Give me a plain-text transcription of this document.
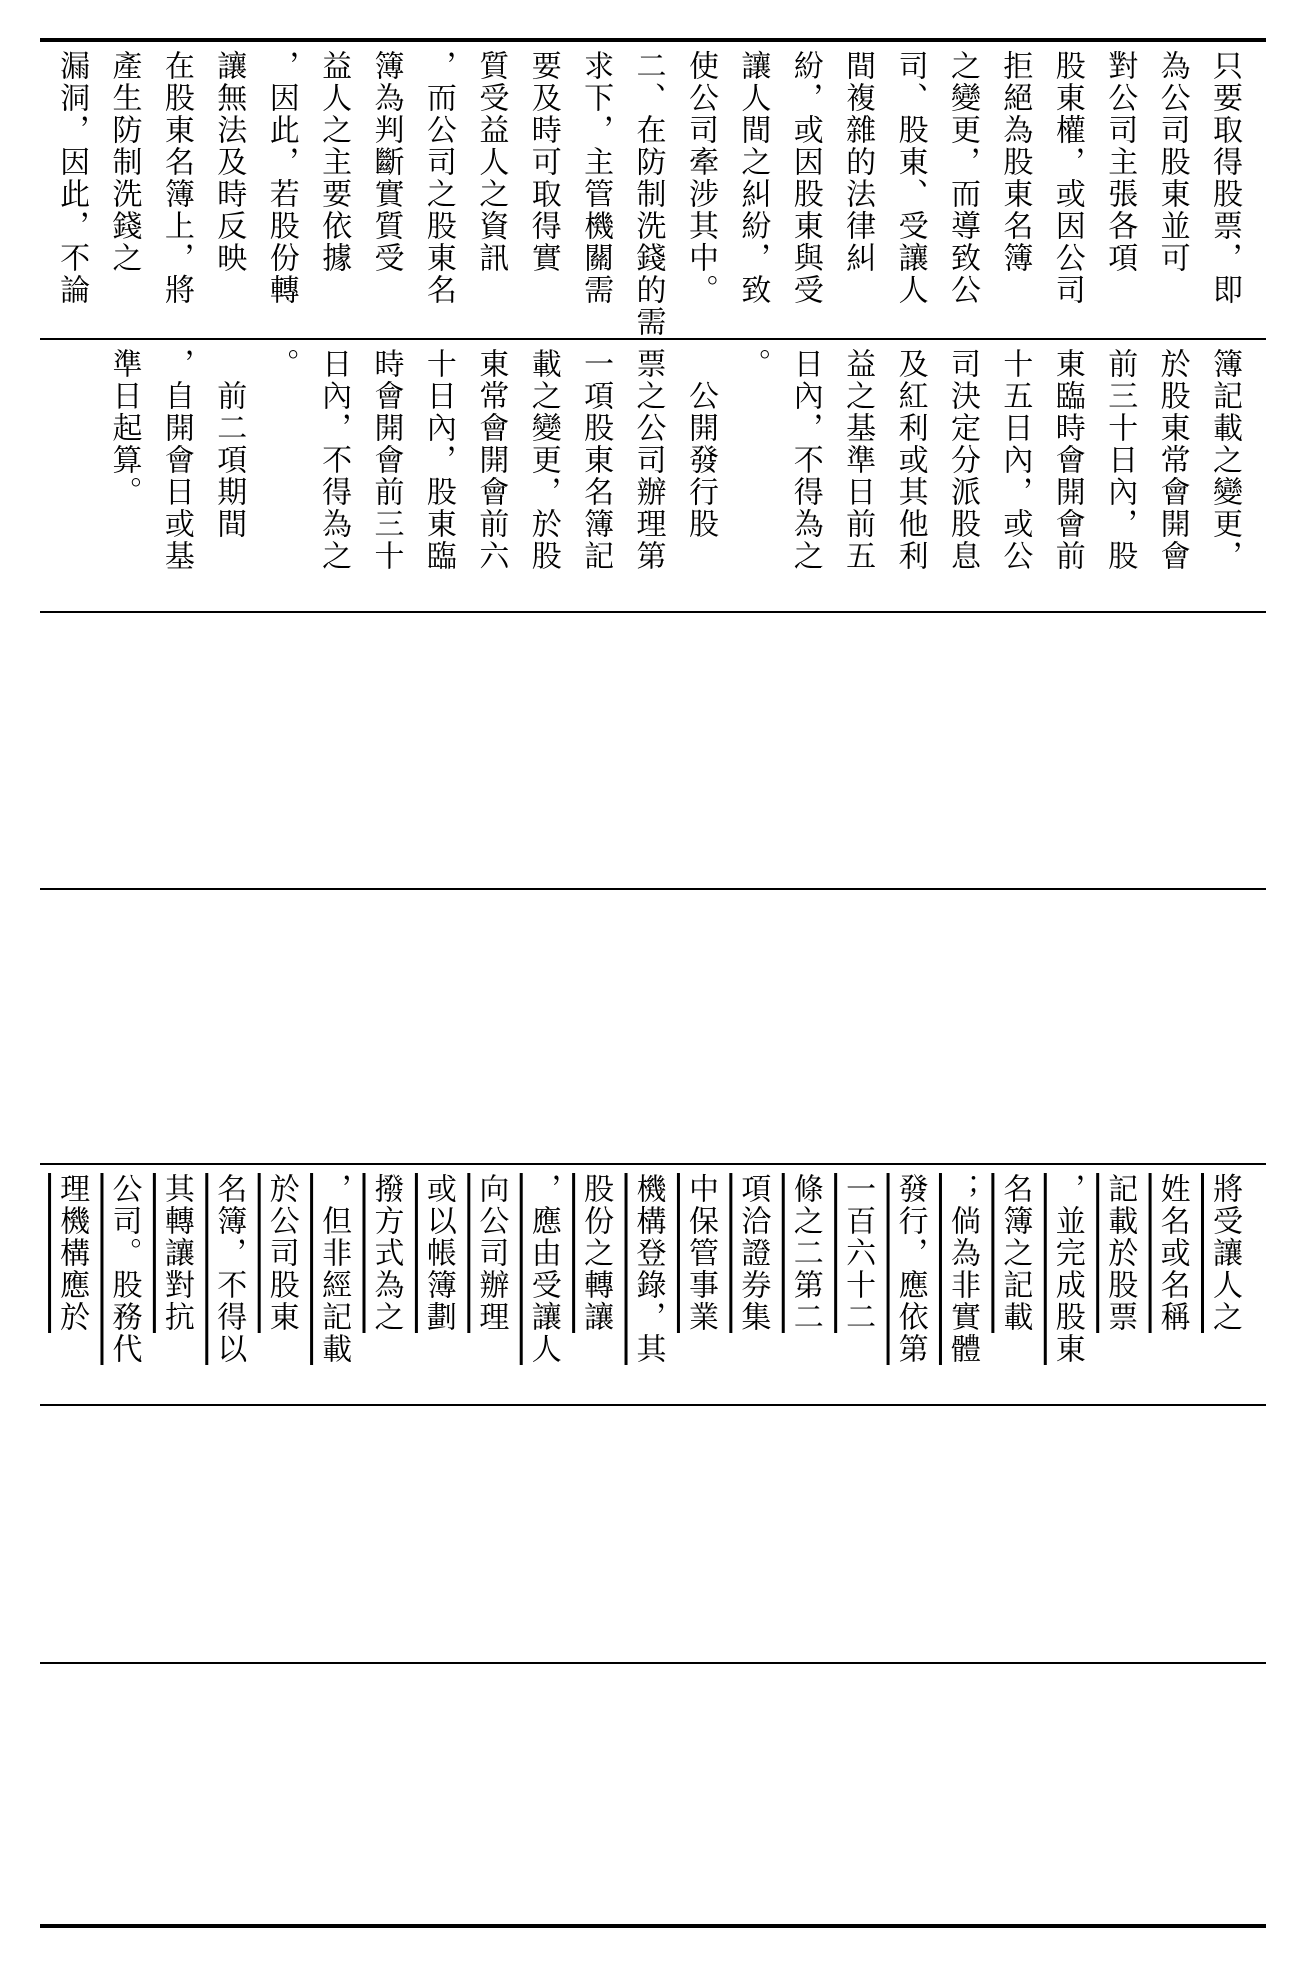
只要取得股票，即
為公司股東並可
對公司主張各項
股東權，或因公司
拒絕為股東名簿
之變更，而導致公
司、股東、受讓人
間複雜的法律糾
紛，或因股東與受
讓人間之糾紛，致
使公司牽涉其中。
二、在防制洗錢的需
求下，主管機關需
要及時可取得實
質受益人之資訊
，而公司之股東名
簿為判斷實質受
益人之主要依據
，因此，若股份轉
讓無法及時反映
在股東名簿上，將
產生防制洗錢之
漏洞，因此，不論
簿記載之變更，
於股東常會開會
前三十日內，股
東臨時會開會前
十五日內，或公
司決定分派股息
及紅利或其他利
益之基準日前五
日內，不得為之
。
　公開發行股
票之公司辦理第
一項股東名簿記
載之變更，於股
東常會開會前六
十日內，股東臨
時會開會前三十
日內，不得為之
。
　前二項期間
，自開會日或基
準日起算。
將受讓人之
姓名或名稱
記載於股票
，並完成股東
名簿之記載
；倘為非實體
發行，應依第
一百六十二
條之二第二
項洽證券集
中保管事業
機構登錄，其
股份之轉讓
，應由受讓人
向公司辦理
或以帳簿劃
撥方式為之
，但非經記載
於公司股東
名簿，不得以
其轉讓對抗
公司。股務代
理機構應於
